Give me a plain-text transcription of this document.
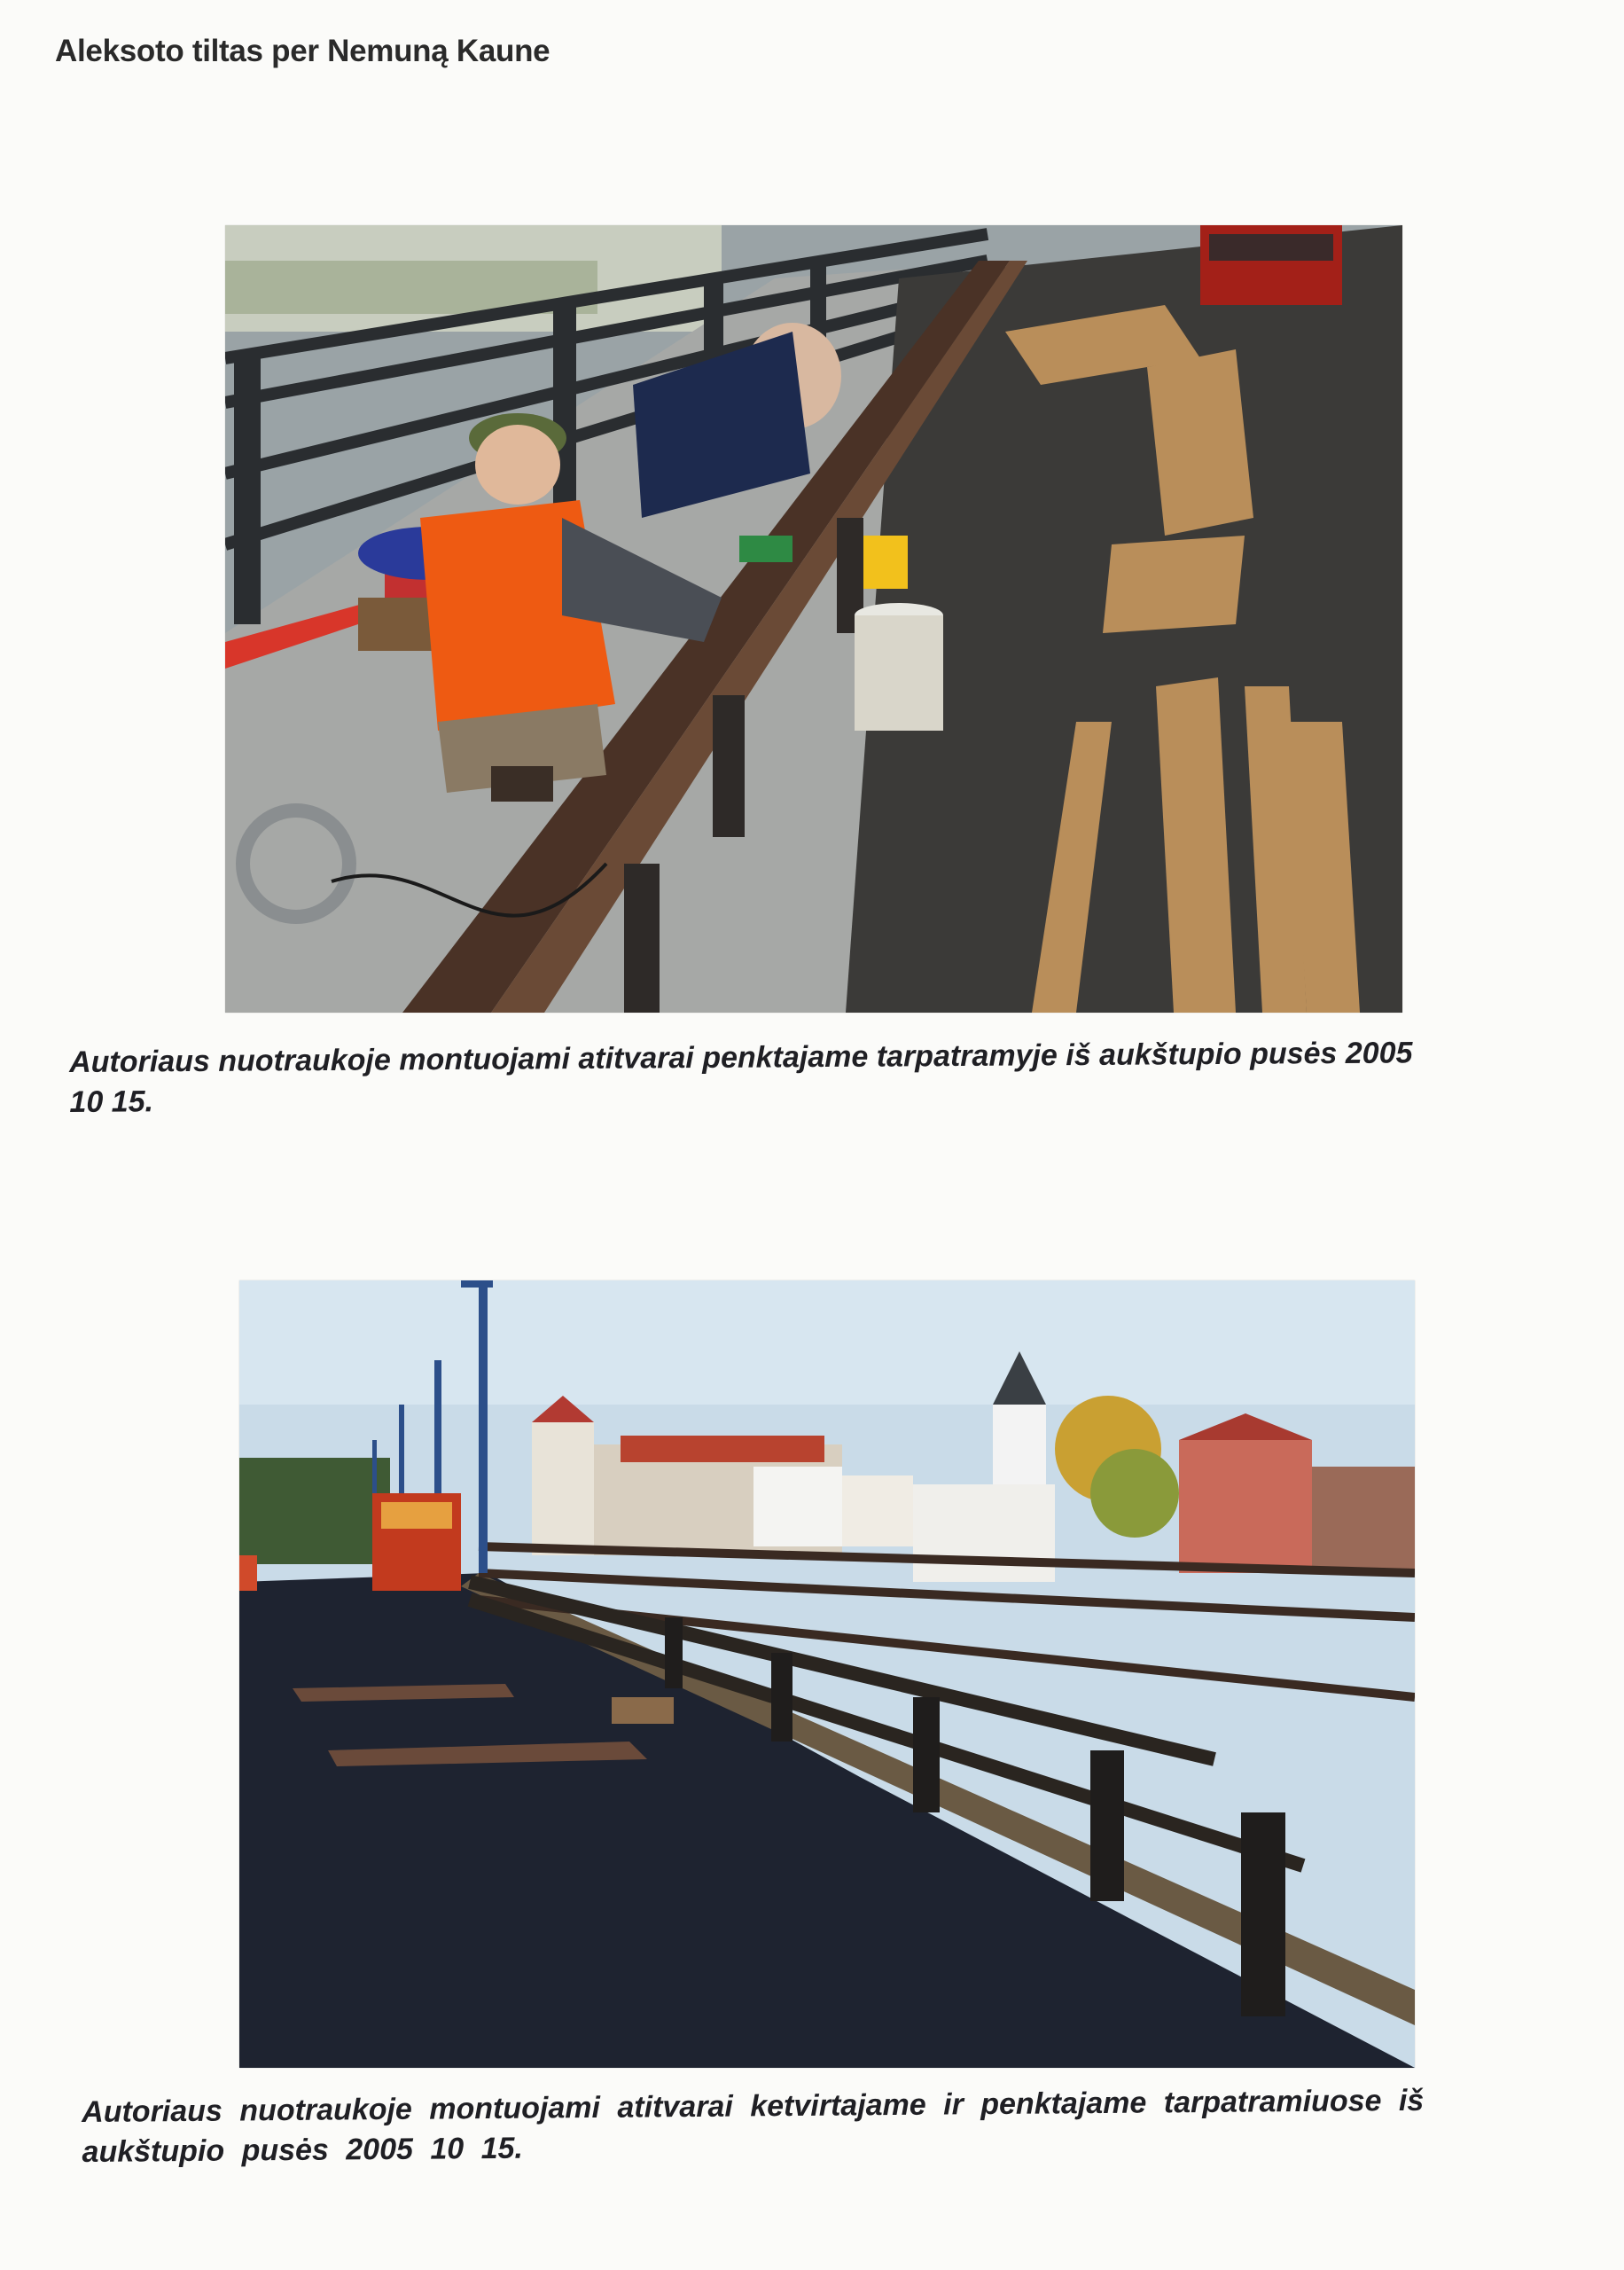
Aleksoto tiltas per Nemuną Kaune
Autoriaus nuotraukoje montuojami atitvarai penktajame tarpatramyje iš aukštupio pusės 2005 10 15.
Autoriaus nuotraukoje montuojami atitvarai ketvirtajame ir penktajame tarpatramiuose iš aukštupio pusės 2005 10 15.
